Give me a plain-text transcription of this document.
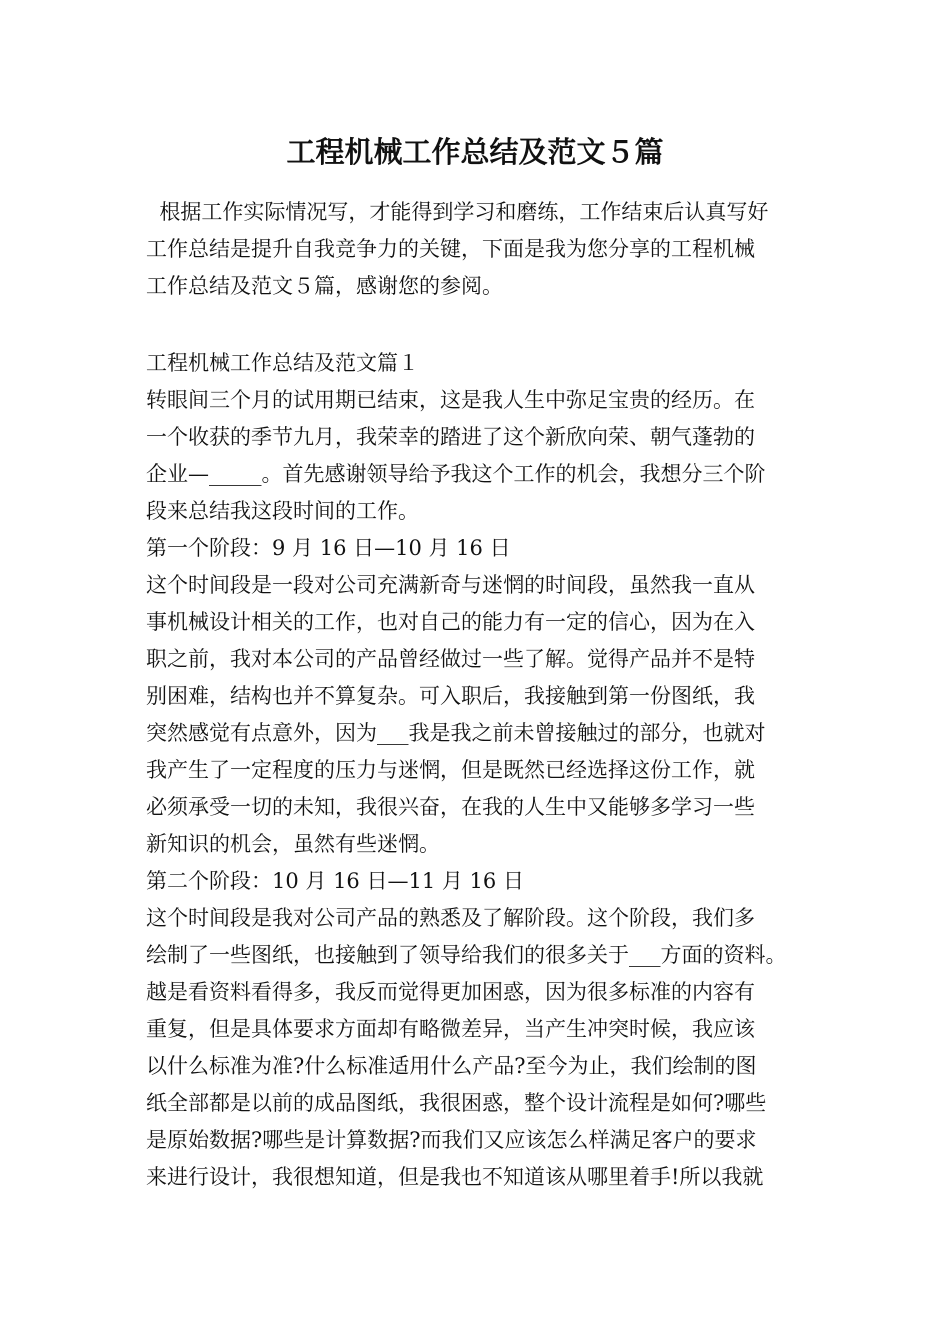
工程机械工作总结及范文５篇
根据工作实际情况写，才能得到学习和磨练，工作结束后认真写好
工作总结是提升自我竞争力的关键，下面是我为您分享的工程机械
工作总结及范文５篇，感谢您的参阅。
工程机械工作总结及范文篇１
转眼间三个月的试用期已结束，这是我人生中弥足宝贵的经历。在
一个收获的季节九月，我荣幸的踏进了这个新欣向荣、朝气蓬勃的
企业—_____。首先感谢领导给予我这个工作的机会，我想分三个阶
段来总结我这段时间的工作。
第一个阶段：9 月 16 日—10 月 16 日
这个时间段是一段对公司充满新奇与迷惘的时间段，虽然我一直从
事机械设计相关的工作，也对自己的能力有一定的信心，因为在入
职之前，我对本公司的产品曾经做过一些了解。觉得产品并不是特
别困难，结构也并不算复杂。可入职后，我接触到第一份图纸，我
突然感觉有点意外，因为___我是我之前未曾接触过的部分，也就对
我产生了一定程度的压力与迷惘，但是既然已经选择这份工作，就
必须承受一切的未知，我很兴奋，在我的人生中又能够多学习一些
新知识的机会，虽然有些迷惘。
第二个阶段：10 月 16 日—11 月 16 日
这个时间段是我对公司产品的熟悉及了解阶段。这个阶段，我们多
绘制了一些图纸，也接触到了领导给我们的很多关于___方面的资料。
越是看资料看得多，我反而觉得更加困惑，因为很多标准的内容有
重复，但是具体要求方面却有略微差异，当产生冲突时候，我应该
以什么标准为准?什么标准适用什么产品?至今为止，我们绘制的图
纸全部都是以前的成品图纸，我很困惑，整个设计流程是如何?哪些
是原始数据?哪些是计算数据?而我们又应该怎么样满足客户的要求
来进行设计，我很想知道，但是我也不知道该从哪里着手!所以我就
